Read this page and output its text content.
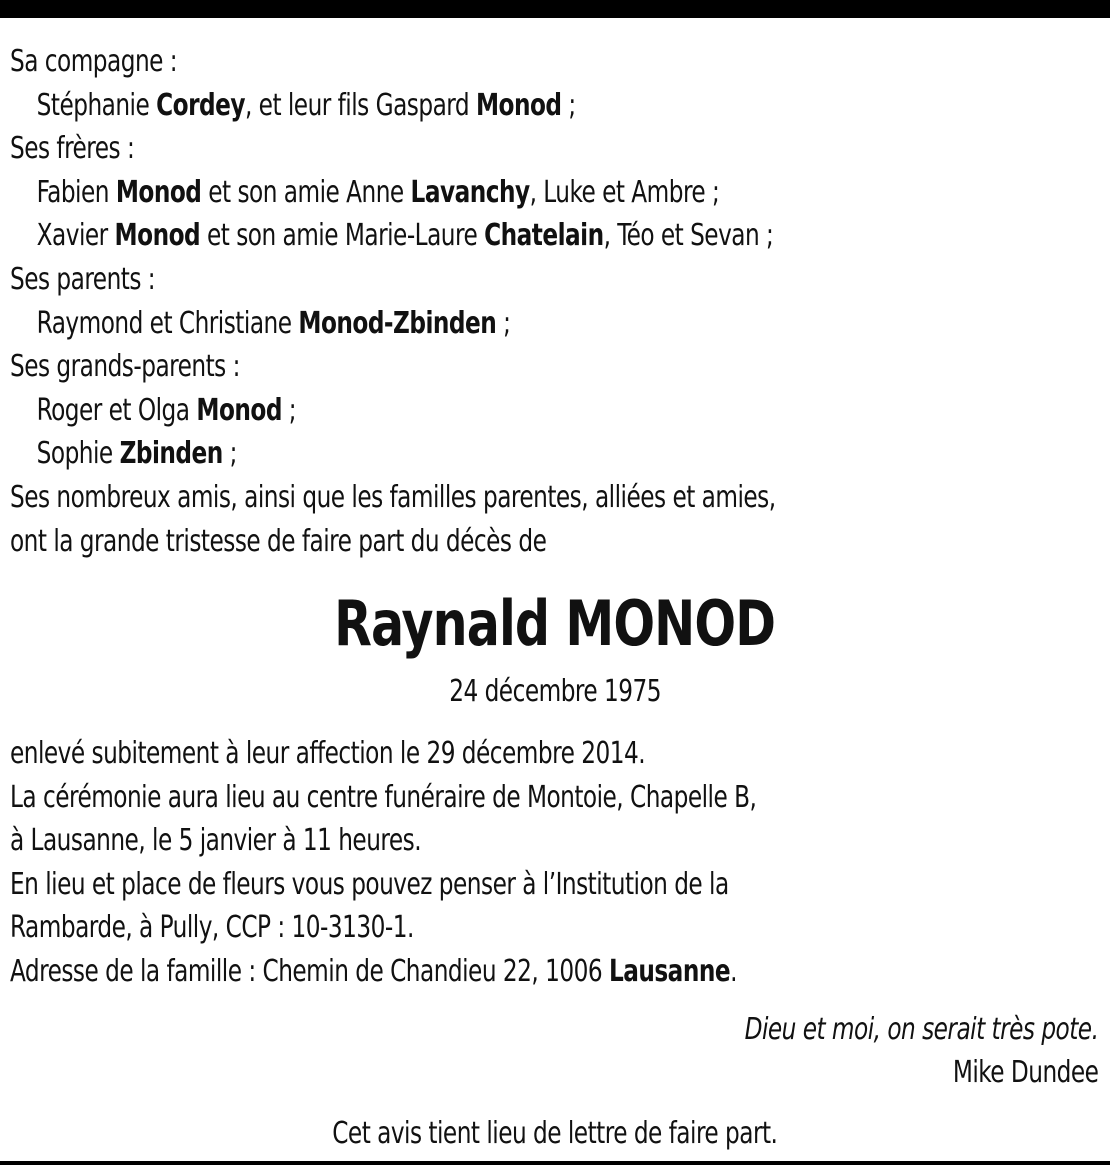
Sa compagne :
Stéphanie Cordey, et leur fils Gaspard Monod ;
Ses frères :
Fabien Monod et son amie Anne Lavanchy, Luke et Ambre ;
Xavier Monod et son amie Marie-Laure Chatelain, Téo et Sevan ;
Ses parents :
Raymond et Christiane Monod-Zbinden ;
Ses grands-parents :
Roger et Olga Monod ;
Sophie Zbinden ;
Ses nombreux amis, ainsi que les familles parentes, alliées et amies,
ont la grande tristesse de faire part du décès de
Raynald MONOD
24 décembre 1975
enlevé subitement à leur affection le 29 décembre 2014.
La cérémonie aura lieu au centre funéraire de Montoie, Chapelle B,
à Lausanne, le 5 janvier à 11 heures.
En lieu et place de fleurs vous pouvez penser à l’Institution de la
Rambarde, à Pully, CCP : 10-3130-1.
Adresse de la famille : Chemin de Chandieu 22, 1006 Lausanne.
Dieu et moi, on serait très pote.
Mike Dundee
Cet avis tient lieu de lettre de faire part.
